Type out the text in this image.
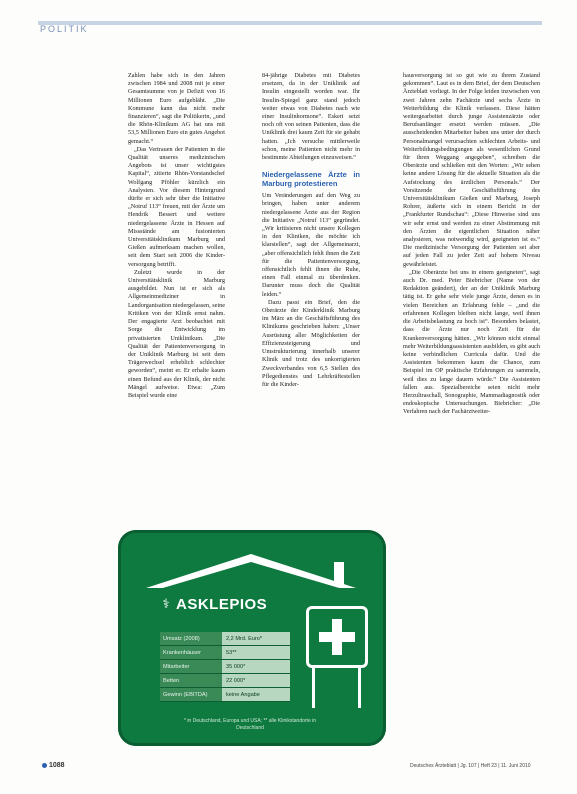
POLITIK

Zahlen habe sich in den Jahren zwischen 1984 und 2008 mit je einer Gesamtsumme von je Defizit von 16 Millionen Euro aufgebläht. „Die Kommune kann das nicht mehr finanzieren“, sagt die Politikerin, „und die Rhön-Klinikum AG hat uns mit 53,5 Millionen Euro ein gutes Angebot gemacht.“

„Das Vertrauen der Patienten in die Qualität unseres medizinischen Angebots ist unser wichtigstes Kapital“, zitierte Rhön-Vorstandschef Wolfgang Pföhler kürzlich ein Analysten. Vor diesem Hintergrund dürfte er sich sehr über die Initiative „Notruf 113“ freuen, mit der Ärzte um Hendrik Bessert und weitere niedergelassene Ärzte in Hessen auf Missstände am fusionierten Universitätsklinikum Marburg und Gießen aufmerksam machen wollen, seit dem Start seit 2006 die Kinder-versorgung betrifft.

Zuletzt wurde in der Universitätsklinik Marburg ausgebildet. Nun ist er sich als Allgemeinmediziner in Landorganisation niedergelassen, seine Kritiken von der Klinik ernst nahm. Der engagierte Arzt beobachtet mit Sorge die Entwicklung im privatisierten Uniklinikum. „Die Qualität der Patientenversorgung in der Uniklinik Marburg ist seit dem Trägerwechsel erheblich schlechter geworden“, meint er. Er erhalte kaum einen Befund aus der Klinik, der nicht Mängel aufweise. Etwa: „Zum Beispiel wurde eine

84-jährige Diabetes mit Diabetes ersetzen, da in der Uniklinik auf Insulin eingestellt worden war. Ihr Insulin-Spiegel ganz stand jedoch weiter etwas von Diabetes nach wie einer Insulinhormone“. Eskeri setzt noch oft von seinen Patienten, dass die Uniklinik drei kaum Zeit für sie gehabt hatten. „Ich versuche mittlerweile schon, meine Patienten nicht mehr in bestimmte Abteilungen einzuweisen.“

Niedergelassene Ärzte in Marburg protestieren

Um Veränderungen auf den Weg zu bringen, haben unter anderem niedergelassene Ärzte aus der Region die Initiative „Notruf 113“ gegründet. „Wir kritisieren nicht unsere Kollegen in den Kliniken, die möchte ich klarstellen“, sagt der Allgemeinarzt, „aber offensichtlich fehlt ihnen die Zeit für die Patientenversorgung, offensichtlich fehlt ihnen die Ruhe, einen Fall einmal zu überdenken. Darunter muss doch die Qualität leiden.“

Dazu passt ein Brief, den die Oberärzte der Kinderklinik Marburg im März an die Geschäftsführung des Klinikums geschrieben haben: „Unser Ausrüstung aller Möglichkeiten der Effizienzsteigerung und Umstrukturierung innerhalb unserer Klinik und trotz des unkorrigierten Zweckverbandes von 6,5 Stellen des Pflegedienstes und Lehrkräftestellen für die Kinder-

hausversorgung ist so gut wie zu ihrem Zustand gekommen“. Laut es in dem Brief, der dem Deutschen Ärzteblatt vorliegt. In der Folge leiden inzwischen von zwei Jahren zehn Fachärzte und sechs Ärzte in Weiterbildung die Klinik verlassen. Diese hätten weitergearbeitet durch junge Assistenzärzte oder Berufsanfänger ersetzt werden müssen. „Die ausscheidenden Mitarbeiter haben uns unter der durch Personalmangel verursachten schlechten Arbeits- und Weiterbildungsbedingungen als wesentlichen Grund für ihren Weggang angegeben“, schreiben die Oberärzte und schließen mit den Worten: „Wir sehen keine andere Lösung für die aktuelle Situation als die Aufstockung des ärztlichen Personals.“ Der Vorsitzende der Geschäftsführung des Universitätsklinikum Gießen und Marburg, Joseph Rohrer, äußerte sich in einem Bericht in der „Frankfurter Rundschau“: „Diese Hinweise sind uns wir sehr ernst und werden zu einer Abstimmung mit den Ärzten die eigentlichen Situation näher analysieren, was notwendig wird, geeigneten ist es.“ Die medizinische Versorgung der Patienten sei aber auf jeden Fall zu jeder Zeit auf hohem Niveau gewährleistet.

„Die Oberärzte bei uns in einem geeigneten“, sagt auch Dr. med. Peter Biebricher (Name von der Redaktion geändert), der an der Uniklinik Marburg tätig ist. Er gehe sehr viele junge Ärzte, denen es in vielen Bereichen an Erfahrung fehle – „und die erfahrenen Kollegen bleiben nicht lange, weil ihnen die Arbeitsbelastung zu hoch ist“. Besonders belastet, dass die Ärzte nur noch Zeit für die Krankenversorgung hätten. „Wir können nicht einmal mehr Weiterbildungsassistenten ausbilden, es gibt auch keine verbindlichen Curricula dafür. Und die Assistenten bekommen kaum die Chance, zum Beispiel im OP praktische Erfahrungen zu sammeln, weil dies zu lange dauern würde.“ Die Assistenten fallen aus. Spezialbereiche seien nicht mehr Herzultraschall, Sonographie, Mammadiagnostik oder endoskopische Untersuchungen. Biebricher: „Die Verfahren nach der Fachärztweiter-

⚕ ASKLEPIOS
Umsatz (2008)	2,2 Mrd. Euro*
Krankenhäuser	53**
Mitarbeiter	35 000*
Betten	22 000*
Gewinn (EBITDA)	keine Angabe
* in Deutschland, Europa und USA; ** alle Klinikstandorte in Deutschland
1088	Deutsches Ärzteblatt | Jg. 107 | Heft 23 | 11. Juni 2010
